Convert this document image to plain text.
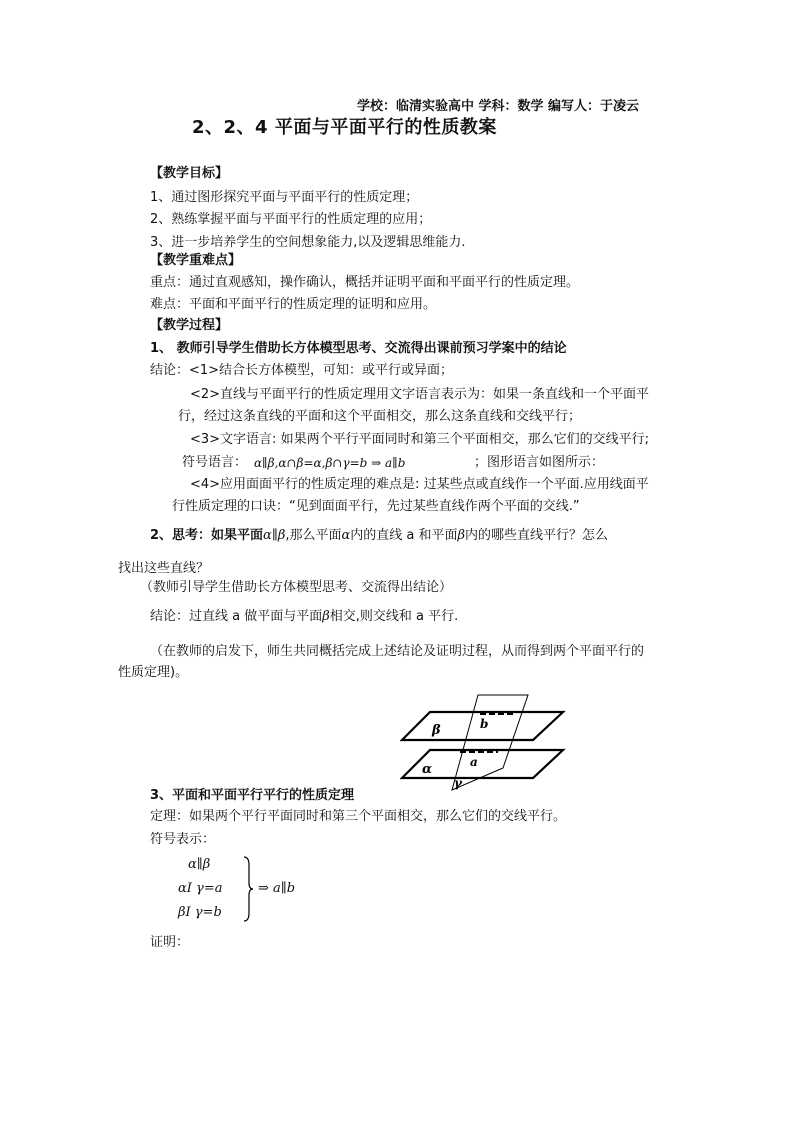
学校：临清实验高中 学科：数学 编写人：于凌云
2、2、4 平面与平面平行的性质教案
【教学目标】
1、通过图形探究平面与平面平行的性质定理；
2、熟练掌握平面与平面平行的性质定理的应用；
3、进一步培养学生的空间想象能力,以及逻辑思维能力.
【教学重难点】
重点：通过直观感知，操作确认，概括并证明平面和平面平行的性质定理。
难点：平面和平面平行的性质定理的证明和应用。
【教学过程】
1、 教师引导学生借助长方体模型思考、交流得出课前预习学案中的结论
结论：<1>结合长方体模型，可知：或平行或异面；
<2>直线与平面平行的性质定理用文字语言表示为：如果一条直线和一个平面平
行，经过这条直线的平面和这个平面相交，那么这条直线和交线平行；
<3>文字语言: 如果两个平行平面同时和第三个平面相交，那么它们的交线平行;
符号语言： α∥β,α∩β=α,β∩γ=b ⇒ a∥b	；图形语言如图所示：
<4>应用面面平行的性质定理的难点是: 过某些点或直线作一个平面.应用线面平
行性质定理的口诀：“见到面面平行，先过某些直线作两个平面的交线.”
2、思考：如果平面α∥β,那么平面α内的直线 a 和平面β内的哪些直线平行？怎么
找出这些直线？
（教师引导学生借助长方体模型思考、交流得出结论）
结论：过直线 a 做平面与平面β相交,则交线和 a 平行.
（在教师的启发下，师生共同概括完成上述结论及证明过程，从而得到两个平面平行的
性质定理)。
β
α
b
a
γ
3、平面和平面平行平行的性质定理
定理：如果两个平行平面同时和第三个平面相交，那么它们的交线平行。
符号表示：
α∥β
αI γ=a
βI γ=b
⇒ a∥b
证明：
